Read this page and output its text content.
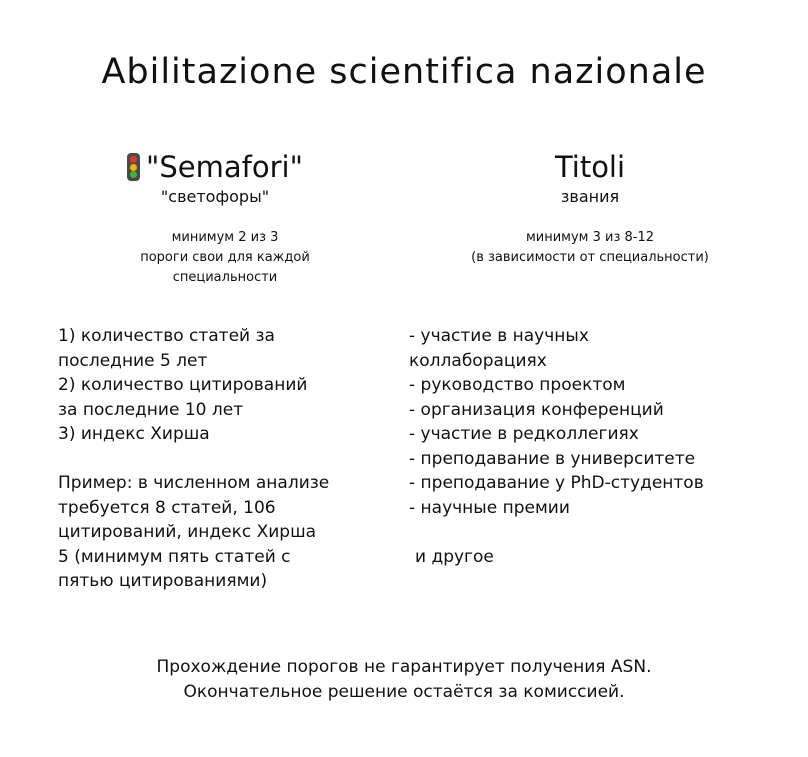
Abilitazione scientifica nazionale
"Semafori"
"светофоры"
Titoli
звания
минимум 2 из 3
пороги свои для каждой
специальности
минимум 3 из 8-12
(в зависимости от специальности)
1) количество статей за
последние 5 лет
2) количество цитирований
за последние 10 лет
3) индекс Хирша
Пример: в численном анализе
требуется 8 статей, 106
цитирований, индекс Хирша
5 (минимум пять статей с
пятью цитированиями)
- участие в научных
коллаборациях
- руководство проектом
- организация конференций
- участие в редколлегиях
- преподавание в университете
- преподавание у PhD-студентов
- научные премии
и другое
Прохождение порогов не гарантирует получения ASN.
Окончательное решение остаётся за комиссией.
